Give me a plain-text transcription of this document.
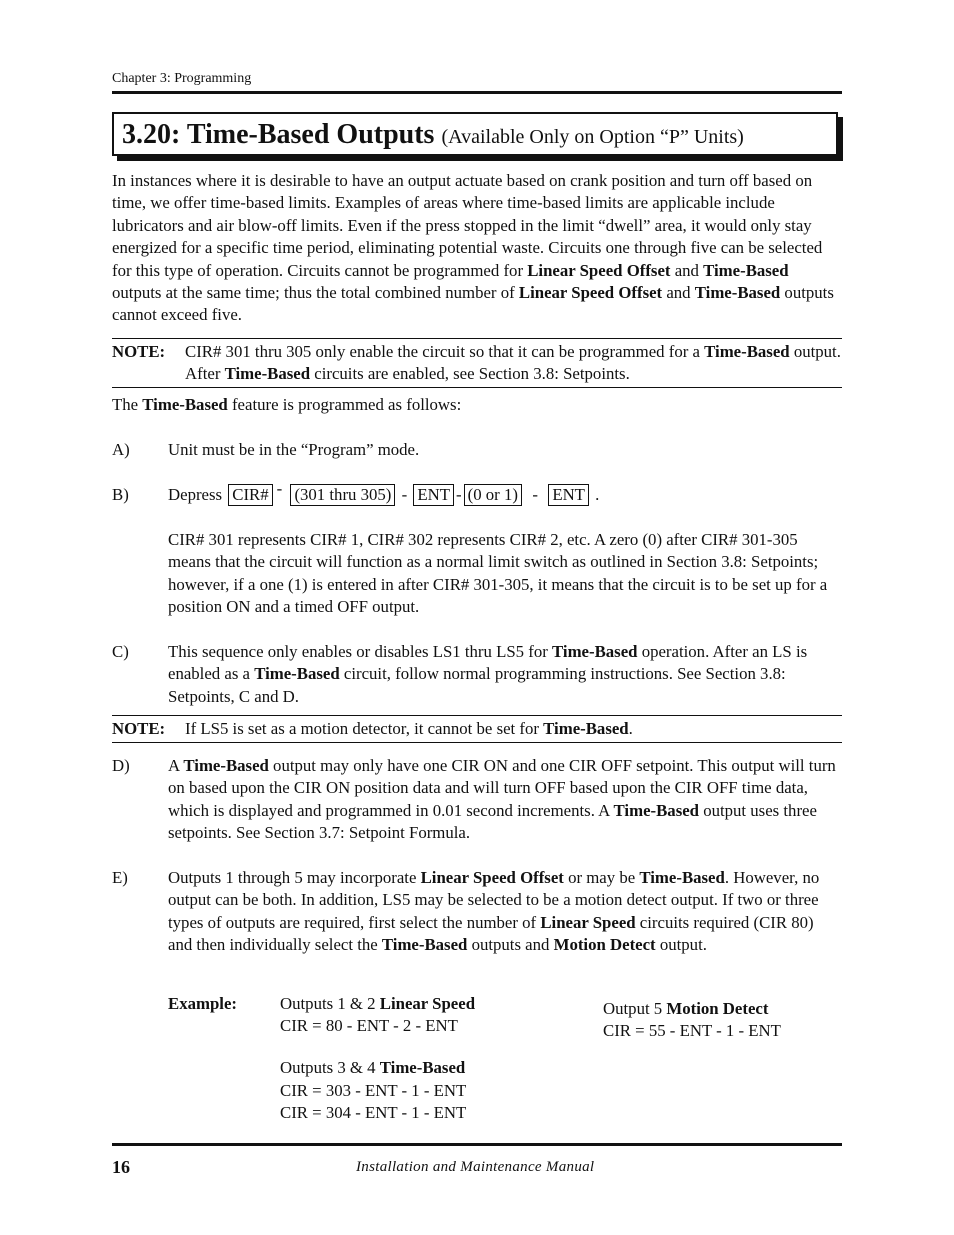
Chapter 3: Programming
3.20: Time-Based Outputs (Available Only on Option “P” Units)
In instances where it is desirable to have an output actuate based on crank position and turn off based on time, we offer time-based limits. Examples of areas where time-based limits are applicable include lubricators and air blow-off limits. Even if the press stopped in the limit “dwell” area, it would only stay energized for a specific time period, eliminating potential waste. Circuits one through five can be selected for this type of operation. Circuits cannot be programmed for Linear Speed Offset and Time-Based outputs at the same time; thus the total combined number of Linear Speed Offset and Time-Based outputs cannot exceed five.
NOTE: CIR# 301 thru 305 only enable the circuit so that it can be programmed for a Time-Based output. After Time-Based circuits are enabled, see Section 3.8: Setpoints.
The Time-Based feature is programmed as follows:
A) Unit must be in the “Program” mode.
B) Depress CIR# - (301 thru 305) - ENT - (0 or 1) - ENT .
CIR# 301 represents CIR# 1, CIR# 302 represents CIR# 2, etc. A zero (0) after CIR# 301-305 means that the circuit will function as a normal limit switch as outlined in Section 3.8: Setpoints; however, if a one (1) is entered in after CIR# 301-305, it means that the circuit is to be set up for a position ON and a timed OFF output.
C) This sequence only enables or disables LS1 thru LS5 for Time-Based operation. After an LS is enabled as a Time-Based circuit, follow normal programming instructions. See Section 3.8: Setpoints, C and D.
NOTE: If LS5 is set as a motion detector, it cannot be set for Time-Based.
D) A Time-Based output may only have one CIR ON and one CIR OFF setpoint. This output will turn on based upon the CIR ON position data and will turn OFF based upon the CIR OFF time data, which is displayed and programmed in 0.01 second increments. A Time-Based output uses three setpoints. See Section 3.7: Setpoint Formula.
E) Outputs 1 through 5 may incorporate Linear Speed Offset or may be Time-Based. However, no output can be both. In addition, LS5 may be selected to be a motion detect output. If two or three types of outputs are required, first select the number of Linear Speed circuits required (CIR 80) and then individually select the Time-Based outputs and Motion Detect output.
Example:	Outputs 1 & 2 Linear Speed
CIR = 80 - ENT - 2 - ENT
Outputs 3 & 4 Time-Based
CIR = 303 - ENT - 1 - ENT
CIR = 304 - ENT - 1 - ENT
Output 5 Motion Detect
CIR = 55 - ENT - 1 - ENT
16	Installation and Maintenance Manual
